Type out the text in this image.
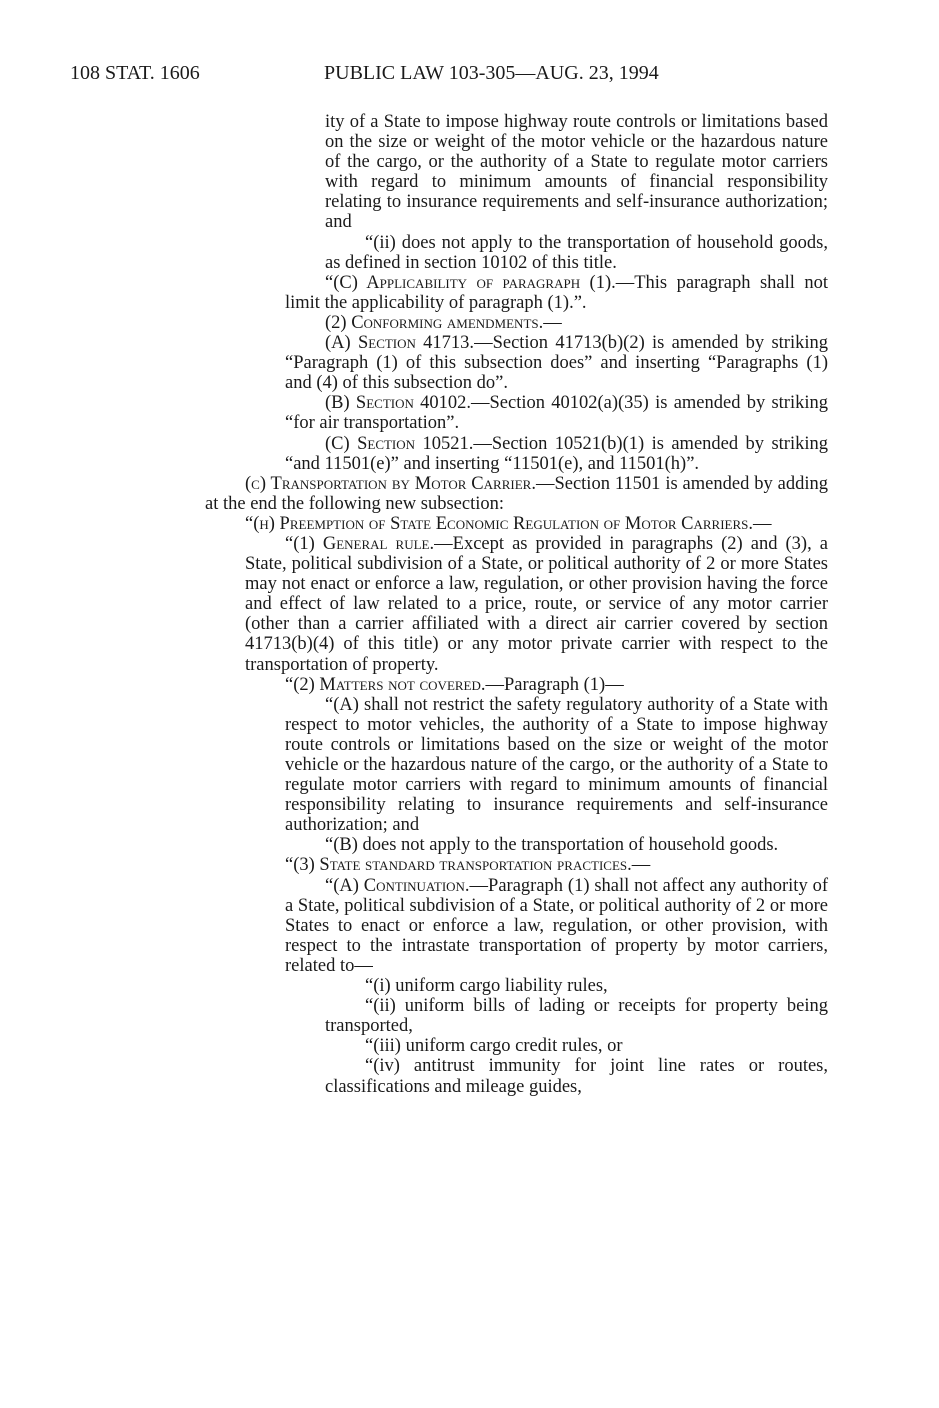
108 STAT. 1606	PUBLIC LAW 103-305—AUG. 23, 1994

ity of a State to impose highway route controls or limitations based on the size or weight of the motor vehicle or the hazardous nature of the cargo, or the authority of a State to regulate motor carriers with regard to minimum amounts of financial responsibility relating to insurance requirements and self-insurance authorization; and

“(ii) does not apply to the transportation of household goods, as defined in section 10102 of this title.

“(C) Applicability of paragraph (1).—This paragraph shall not limit the applicability of paragraph (1).”.

(2) Conforming amendments.—

(A) Section 41713.—Section 41713(b)(2) is amended by striking “Paragraph (1) of this subsection does” and inserting “Paragraphs (1) and (4) of this subsection do”.

(B) Section 40102.—Section 40102(a)(35) is amended by striking “for air transportation”.

(C) Section 10521.—Section 10521(b)(1) is amended by striking “and 11501(e)” and inserting “11501(e), and 11501(h)”.

(c) Transportation by Motor Carrier.—Section 11501 is amended by adding at the end the following new subsection:

“(h) Preemption of State Economic Regulation of Motor Carriers.—

“(1) General rule.—Except as provided in paragraphs (2) and (3), a State, political subdivision of a State, or political authority of 2 or more States may not enact or enforce a law, regulation, or other provision having the force and effect of law related to a price, route, or service of any motor carrier (other than a carrier affiliated with a direct air carrier covered by section 41713(b)(4) of this title) or any motor private carrier with respect to the transportation of property.

“(2) Matters not covered.—Paragraph (1)—

“(A) shall not restrict the safety regulatory authority of a State with respect to motor vehicles, the authority of a State to impose highway route controls or limitations based on the size or weight of the motor vehicle or the hazardous nature of the cargo, or the authority of a State to regulate motor carriers with regard to minimum amounts of financial responsibility relating to insurance requirements and self-insurance authorization; and

“(B) does not apply to the transportation of household goods.

“(3) State standard transportation practices.—

“(A) Continuation.—Paragraph (1) shall not affect any authority of a State, political subdivision of a State, or political authority of 2 or more States to enact or enforce a law, regulation, or other provision, with respect to the intrastate transportation of property by motor carriers, related to—

“(i) uniform cargo liability rules,

“(ii) uniform bills of lading or receipts for property being transported,

“(iii) uniform cargo credit rules, or

“(iv) antitrust immunity for joint line rates or routes, classifications and mileage guides,
